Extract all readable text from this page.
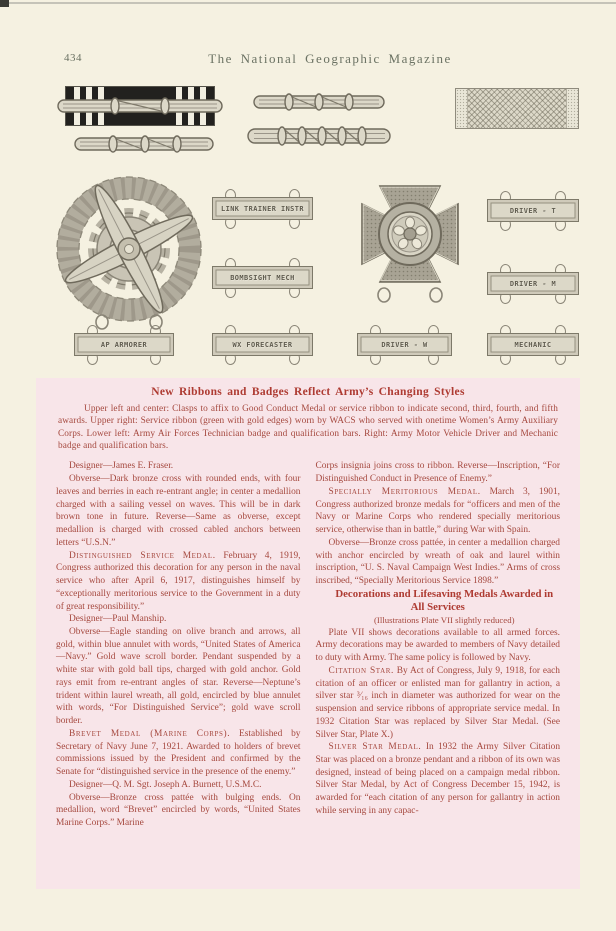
434	The National Geographic Magazine
LINK TRAINER INSTR
BOMBSIGHT MECH
AP ARMORER	WX FORECASTER
DRIVER - T
DRIVER - M
DRIVER - W	MECHANIC
New Ribbons and Badges Reflect Army’s Changing Styles
Upper left and center: Clasps to affix to Good Conduct Medal or service ribbon to indicate second, third, fourth, and fifth awards. Upper right: Service ribbon (green with gold edges) worn by WACS who served with onetime Women’s Army Auxiliary Corps. Lower left: Army Air Forces Technician badge and qualification bars. Right: Army Motor Vehicle Driver and Mechanic badge and qualification bars.

Designer—James E. Fraser.

Obverse—Dark bronze cross with rounded ends, with four leaves and berries in each re-entrant angle; in center a medallion charged with a sailing vessel on waves. This will be in dark brown tone in future. Reverse—Same as obverse, except medallion is charged with crossed cabled anchors between letters “U.S.N.”

Distinguished Service Medal. February 4, 1919, Congress authorized this decoration for any person in the naval service who after April 6, 1917, distinguishes himself by “exceptionally meritorious service to the Government in a duty of great responsibility.”

Designer—Paul Manship.

Obverse—Eagle standing on olive branch and arrows, all gold, within blue annulet with words, “United States of America—Navy.” Gold wave scroll border. Pendant suspended by a white star with gold ball tips, charged with gold anchor. Gold rays emit from re-entrant angles of star. Reverse—Neptune’s trident within laurel wreath, all gold, encircled by blue annulet with words, “For Distinguished Service”; gold wave scroll border.

Brevet Medal (Marine Corps). Established by Secretary of Navy June 7, 1921. Awarded to holders of brevet commissions issued by the President and confirmed by the Senate for “distinguished service in the presence of the enemy.”

Designer—Q. M. Sgt. Joseph A. Burnett, U.S.M.C.

Obverse—Bronze cross pattée with bulging ends. On medallion, word “Brevet” encircled by words, “United States Marine Corps.” Marine

Corps insignia joins cross to ribbon. Reverse—Inscription, “For Distinguished Conduct in Presence of Enemy.”

Specially Meritorious Medal. March 3, 1901, Congress authorized bronze medals for “officers and men of the Navy or Marine Corps who rendered specially meritorious service, otherwise than in battle,” during War with Spain.

Obverse—Bronze cross pattée, in center a medallion charged with anchor encircled by wreath of oak and laurel within inscription, “U. S. Naval Campaign West Indies.” Arms of cross inscribed, “Specially Meritorious Service 1898.”

Decorations and Lifesaving Medals Awarded in All Services

(Illustrations Plate VII slightly reduced)

Plate VII shows decorations available to all armed forces. Army decorations may be awarded to members of Navy detailed to duty with Army. The same policy is followed by Navy.

Citation Star. By Act of Congress, July 9, 1918, for each citation of an officer or enlisted man for gallantry in action, a silver star ³⁄₁₆ inch in diameter was authorized for wear on the suspension and service ribbons of appropriate service medal. In 1932 Citation Star was replaced by Silver Star Medal. (See Silver Star, Plate X.)

Silver Star Medal. In 1932 the Army Silver Citation Star was placed on a bronze pendant and a ribbon of its own was designed, instead of being placed on a campaign medal ribbon. Silver Star Medal, by Act of Congress December 15, 1942, is awarded for “each citation of any person for gallantry in action while serving in any capac-
